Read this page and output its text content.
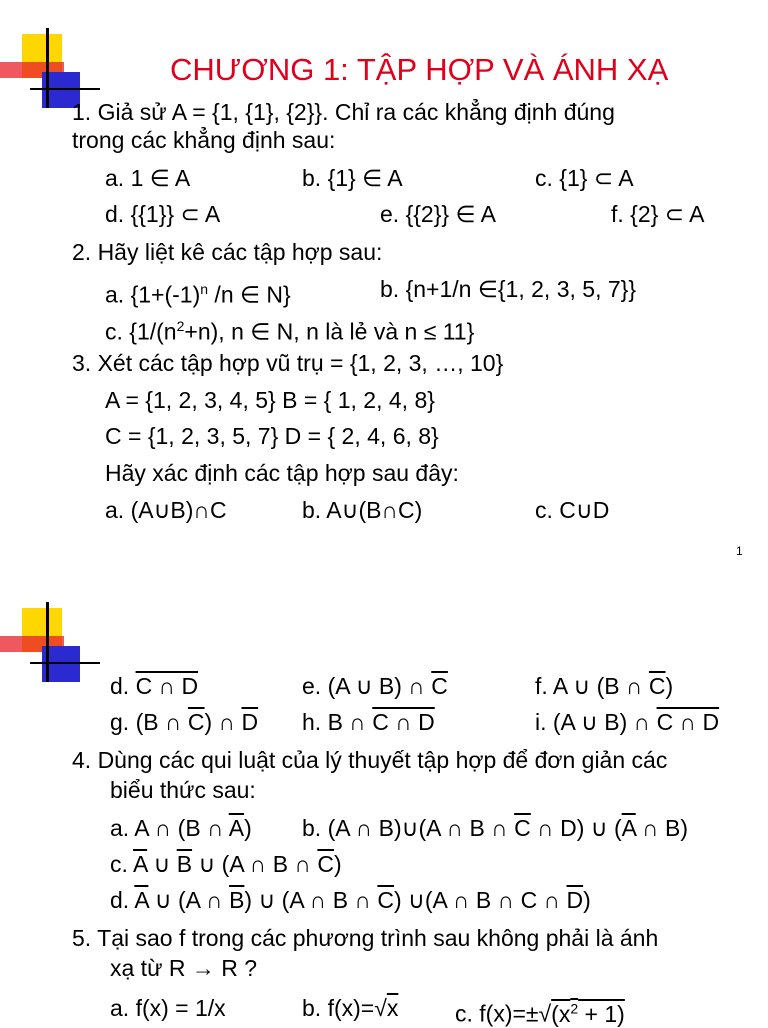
CHƯƠNG 1: TẬP HỢP VÀ ÁNH XẠ
1. Giả sử A = {1, {1}, {2}}. Chỉ ra các khẳng định đúng
trong các khẳng định sau:
a. 1 ∈ A	b. {1} ∈ A	c. {1} ⊂ A
d. {{1}} ⊂ A	e. {{2}} ∈ A	f. {2} ⊂ A
2. Hãy liệt kê các tập hợp sau:
a. {$1+(-1)^n$ /n ∈ N}	b. {n+1/n ∈{1, 2, 3, 5, 7}}
c. {$1/(n^2+n)$, n ∈ N, n là lẻ và n ≤ 11}
3. Xét các tập hợp vũ trụ = {1, 2, 3, …, 10}
A = {1, 2, 3, 4, 5} B = { 1, 2, 4, 8}
C = {1, 2, 3, 5, 7} D = { 2, 4, 6, 8}
Hãy xác định các tập hợp sau đây:
a. (A∪B)∩C	b. A∪(B∩C)	c. C∪D
1
d. C ∩ D	e. (A ∪ B) ∩ $\overline{C}$	f. A ∪ (B ∩ $\overline{C}$)
g. (B ∩ $\overline{C}$) ∩ $\overline{D}$ h. B ∩ C ∩ D	i. (A ∪ B) ∩ C ∩ D
4. Dùng các qui luật của lý thuyết tập hợp để đơn giản các
biểu thức sau:
a. A ∩ (B ∩ $\overline{A}$) b. (A ∩ B)∪(A ∩ B ∩ $\overline{C}$ ∩ D) ∪ ($\overline{A}$ ∩ B)
c. $\overline{A}$ ∪ $\overline{B}$ ∪ (A ∩ B ∩ $\overline{C}$)
d. $\overline{A}$ ∪ (A ∩ $\overline{B}$) ∪ (A ∩ B ∩ $\overline{C}$) ∪(A ∩ B ∩ C ∩ $\overline{D}$)
5. Tại sao f trong các phương trình sau không phải là ánh
xạ từ R → R ?
a. f(x) = 1/x	b. f(x)=√x c. $f(x)=\pm√(x^2 + 1)$
